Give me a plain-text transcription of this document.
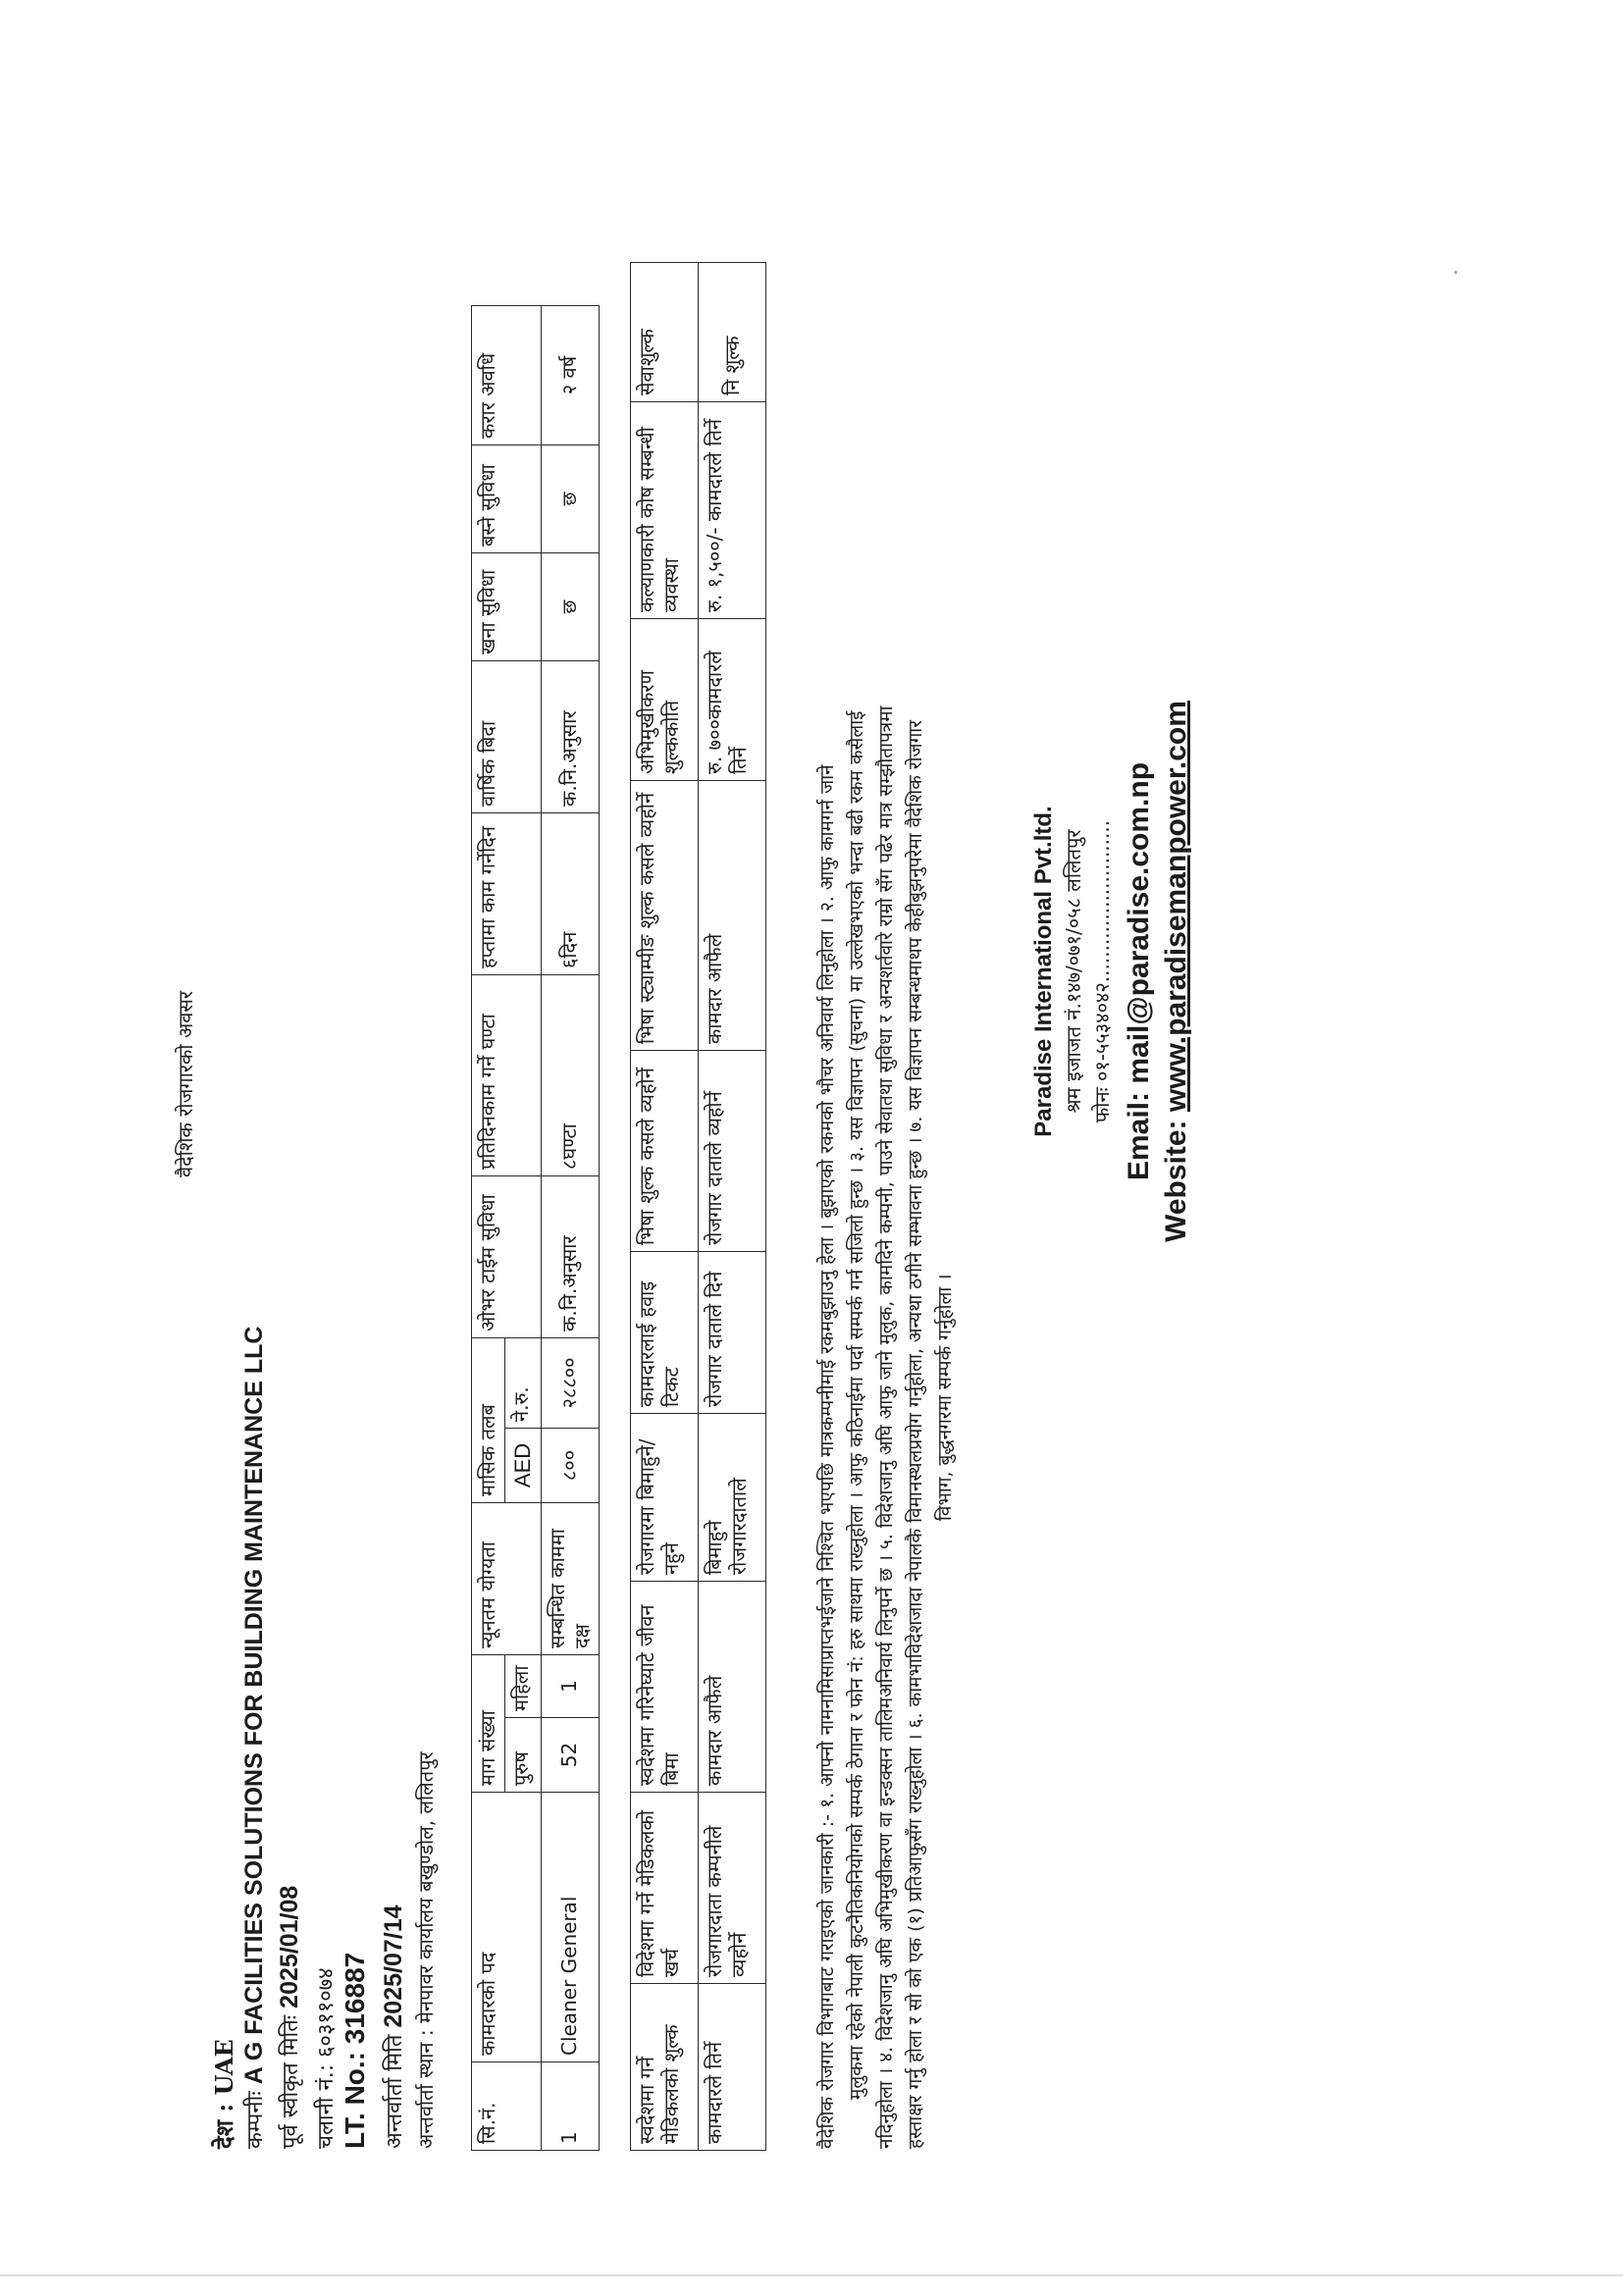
वैदेशिक रोजगारको अवसर
देश : UAE
कम्पनीः A G FACILITIES SOLUTIONS FOR BUILDING MAINTENANCE LLC पूर्व स्वीकृत मितिः 2025/01/08
चलानी नं.: ६०३११०७४ LT. No.: 316887 अन्तर्वार्ता मिति 2025/07/14 अन्तर्वार्ता स्थान : मेनपावर कार्यालय बखुण्डोल, ललितपुर सि.नं.	कामदारको पद	माग संख्या		न्यूनतम योग्यता	मासिक तलब		ओभर टाईम सुविधा	प्रतिदिनकाम गर्ने घण्टा	हप्तामा काम गर्नेदिन	वार्षिक बिदा	खना सुविधा	बस्ने सुविधा	करार अवधि
		पुरुष	महिला		AED	ने.रु.							
1	Cleaner General	52	1	सम्बन्धित काममा दक्ष	८००	२८८००	क.नि.अनुसार	८घण्टा	६दिन	क.नि.अनुसार	छ	छ	२ वर्ष
स्वदेशमा गर्ने मेडिकलको शुल्क	विदेशमा गर्ने मेडिकलको खर्च	स्वदेशमा गरिनेघ्याटे जीवन बिमा	रोजगारमा बिमाहुने/नहुने	कामदारलाई हवाइ टिकट	भिषा शुल्क कसले व्यहोर्ने	भिषा स्ट्याम्पीङ शुल्क कसले व्यहोर्ने	अभिमुखीकरण शुल्ककोति	कल्याणकारी कोष सम्बन्धी व्यवस्था	सेवाशुल्क
कामदारले तिर्ने	रोजगारदाता कम्पनीले व्यहोर्ने	कामदार आफैले	बिमाहुने रोजगारदाताले	रोजगार दाताले दिने	रोजगार दाताले व्यहोर्ने	कामदार आफैले	रु. ७००कामदारले तिर्ने	रु. १,५००/- कामदारले तिर्ने	नि शुल्क

वैदेशिक रोजगार विभागबाट गराइएको जानकारी :- १. आफ्नो नामनामिसाप्राप्तभईजाने निश्चित भएपछि मात्रकम्पनीमाई रकमबुझाउनु हेला । बुझाएको रकमको भौचर अनिवार्य लिनुहोला । २. आफु कामगर्न जाने मुलुकमा रहेको नेपाली कुटनैतिकनियोगको सम्पर्क ठेगाना र फोन नं: हरु साथमा राख्नुहोला । आफु कठिनाईमा पर्दा सम्पर्क गर्न सजिलो हुन्छ । ३. यस विज्ञापन (सुचना) मा उल्लेखभएको भन्दा बढी रकम कसैलाई नदिनुहोला । ४. विदेशजानु अघि अभिमुखीकरण वा इन्डक्सन तालिमअनिवार्य लिनुपर्ने छ । ५. विदेशजानु अघि आफु जाने मुलुक, कामदिने कम्पनी, पाउने सेवातथा सुविधा र अन्यशर्तवारे राम्रो सँग पढेर मात्र सम्झौतापत्रमा हस्ताक्षर गर्नु होला र सो को एक (१) प्रतिआफुसँग राख्नुहोला । ६. कामभाविदेशजादा नेपालकै विमानस्थलप्रयोग गर्नुहोला, अन्यथा ठगीने सम्भावना हुन्छ । ७. यस विज्ञापन सम्बन्धमाथप केहीबुझनुपरेमा वैदेशिक रोजगार विभाग, बुद्धनगरमा सम्पर्क गर्नुहोला ।

Paradise International Pvt.ltd. श्रम इजाजत नं.१४७/०७१/०५८ ललितपुर फोनः ०१-५५३४०४२.......................... Email: mail@paradise.com.np Website: www.paradisemanpower.com
